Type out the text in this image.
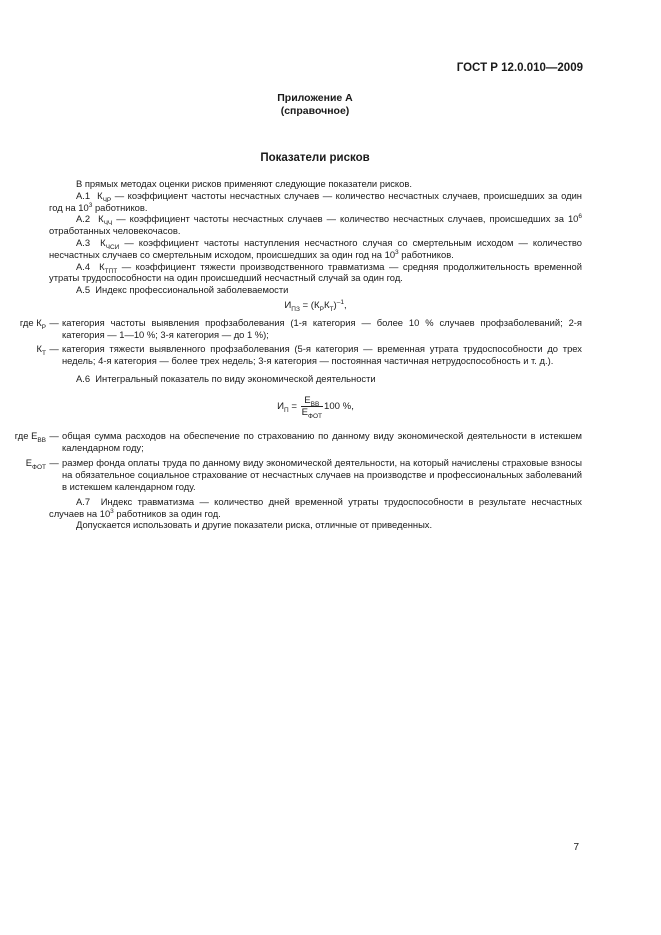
ГОСТ Р 12.0.010—2009
Приложение А
(справочное)
Показатели рисков

В прямых методах оценки рисков применяют следующие показатели рисков.

А.1 $К_{ЧР}$ — коэффициент частоты несчастных случаев — количество несчастных случаев, происшедших за один год на $10^3$ работников.

А.2 $К_{ЧЧ}$ — коэффициент частоты несчастных случаев — количество несчастных случаев, происшедших за $10^6$ отработанных человекочасов.

А.3 $К_{ЧСИ}$ — коэффициент частоты наступления несчастного случая со смертельным исходом — количество несчастных случаев со смертельным исходом, происшедших за один год на $10^3$ работников.

А.4 $К_{ТПТ}$ — коэффициент тяжести производственного травматизма — средняя продолжительность временной утраты трудоспособности на один происшедший несчастный случай за один год.

А.5 Индекс профессиональной заболеваемости

$И_{ПЗ} = (К_РК_Т)^{-1}$,
где $К_Р$ — категория частоты выявления профзаболевания (1-я категория — более 10 % случаев профзаболеваний; 2-я категория — 1—10 %; 3-я категория — до 1 %);
$К_Т$ — категория тяжести выявленного профзаболевания (5-я категория — временная утрата трудоспособности до трех недель; 4-я категория — более трех недель; 3-я категория — постоянная частичная нетрудоспособность и т. д.).

А.6 Интегральный показатель по виду экономической деятельности

$И_П = \frac{Е_{ВВ}}{Е_{ФОТ}} 100$ %,
где $Е_{ВВ}$ — общая сумма расходов на обеспечение по страхованию по данному виду экономической деятельности в истекшем календарном году;
$Е_{ФОТ}$ — размер фонда оплаты труда по данному виду экономической деятельности, на который начислены страховые взносы на обязательное социальное страхование от несчастных случаев на производстве и профессиональных заболеваний в истекшем календарном году.

А.7 Индекс травматизма — количество дней временной утраты трудоспособности в результате несчастных случаев на $10^3$ работников за один год.

Допускается использовать и другие показатели риска, отличные от приведенных.

7
